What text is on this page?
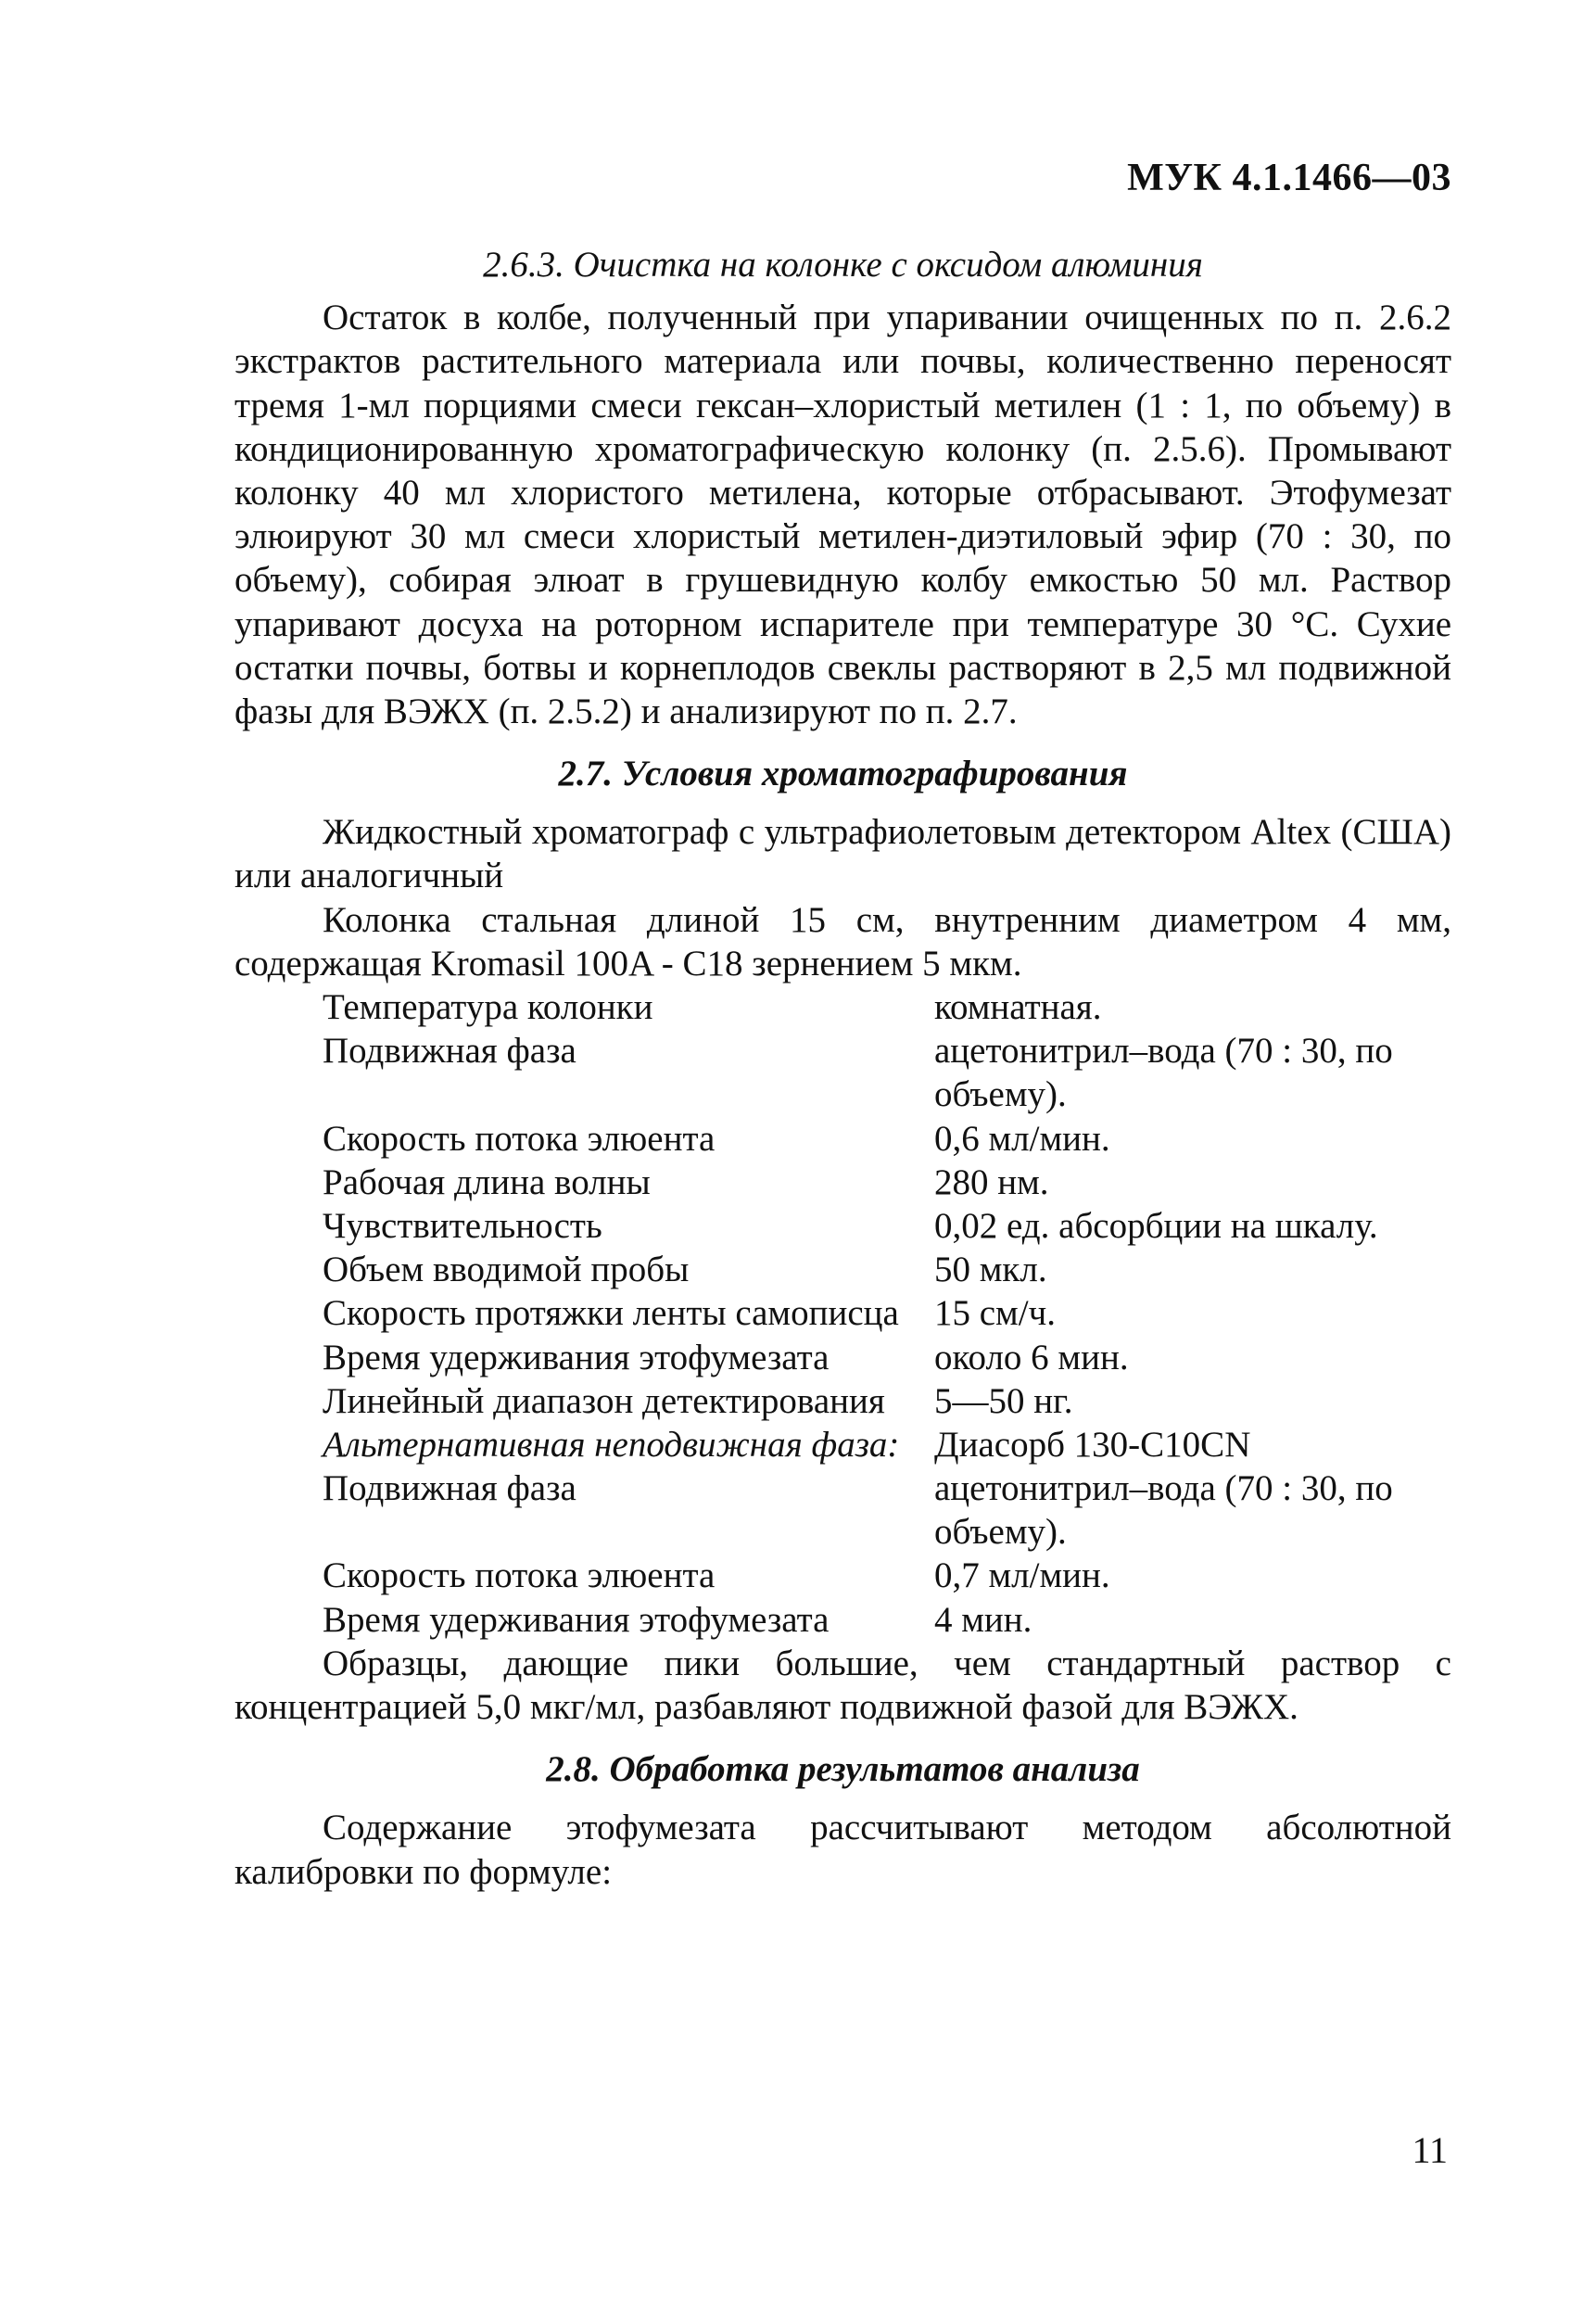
МУК 4.1.1466—03
2.6.3. Очистка на колонке с оксидом алюминия

Остаток в колбе, полученный при упаривании очищенных по п. 2.6.2 экстрактов растительного материала или почвы, количественно переносят тремя 1-мл порциями смеси гексан–хлористый метилен (1 : 1, по объему) в кондиционированную хроматографическую колонку (п. 2.5.6). Промывают колонку 40 мл хлористого метилена, которые отбрасывают. Этофумезат элюируют 30 мл смеси хлористый метилен-диэтиловый эфир (70 : 30, по объему), собирая элюат в грушевидную колбу емкостью 50 мл. Раствор упаривают досуха на роторном испарителе при температуре 30 °С. Сухие остатки почвы, ботвы и корнеплодов свеклы растворяют в 2,5 мл подвижной фазы для ВЭЖХ (п. 2.5.2) и анализируют по п. 2.7.

2.7. Условия хроматографирования

Жидкостный хроматограф с ультрафиолетовым детектором Altex (США) или аналогичный

Колонка стальная длиной 15 см, внутренним диаметром 4 мм, содержащая Kromasil 100A - C18 зернением 5 мкм.

Температура колонки	комнатная.
Подвижная фаза	ацетонитрил–вода (70 : 30, по объему).
Скорость потока элюента	0,6 мл/мин.
Рабочая длина волны	280 нм.
Чувствительность	0,02 ед. абсорбции на шкалу.
Объем вводимой пробы	50 мкл.
Скорость протяжки ленты самописца	15 см/ч.
Время удерживания этофумезата	около 6 мин.
Линейный диапазон детектирования	5—50 нг.
Альтернативная неподвижная фаза:	Диасорб 130-C10CN
Подвижная фаза	ацетонитрил–вода (70 : 30, по объему).
Скорость потока элюента	0,7 мл/мин.
Время удерживания этофумезата	4 мин.

Образцы, дающие пики большие, чем стандартный раствор с концентрацией 5,0 мкг/мл, разбавляют подвижной фазой для ВЭЖХ.

2.8. Обработка результатов анализа

Содержание этофумезата рассчитывают методом абсолютной калибровки по формуле:

11
